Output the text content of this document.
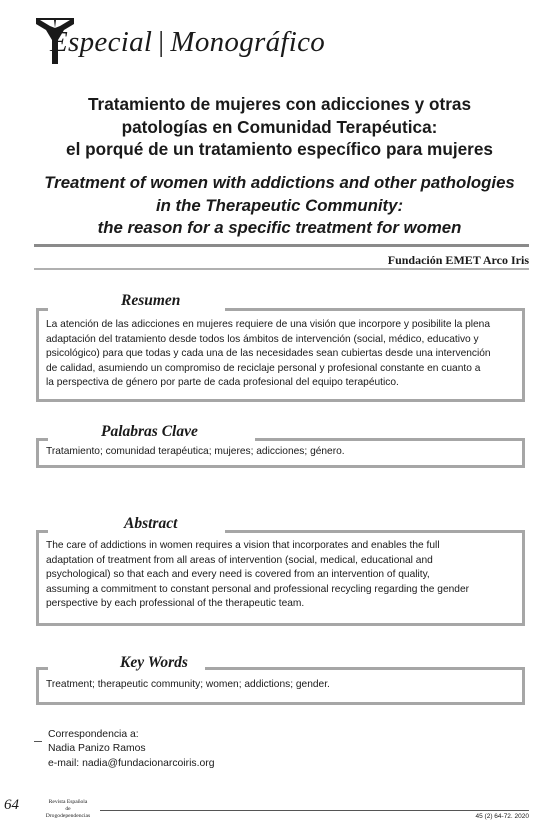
Especial | Monográfico
Tratamiento de mujeres con adicciones y otras
patologías en Comunidad Terapéutica:
el porqué de un tratamiento específico para mujeres
Treatment of women with addictions and other pathologies
in the Therapeutic Community:
the reason for a specific treatment for women
Fundación EMET Arco Iris
Resumen
La atención de las adicciones en mujeres requiere de una visión que incorpore y posibilite la plena
adaptación del tratamiento desde todos los ámbitos de intervención (social, médico, educativo y
psicológico) para que todas y cada una de las necesidades sean cubiertas desde una intervención
de calidad, asumiendo un compromiso de reciclaje personal y profesional constante en cuanto a
la perspectiva de género por parte de cada profesional del equipo terapéutico.
Palabras Clave
Tratamiento; comunidad terapéutica; mujeres; adicciones; género.
Abstract
The care of addictions in women requires a vision that incorporates and enables the full
adaptation of treatment from all areas of intervention (social, medical, educational and
psychological) so that each and every need is covered from an intervention of quality,
assuming a commitment to constant personal and professional recycling regarding the gender
perspective by each professional of the therapeutic team.
Key Words
Treatment; therapeutic community; women; addictions; gender.
Correspondencia a:
Nadia Panizo Ramos
e-mail: nadia@fundacionarcoiris.org
64	Revista Española
de
Drogodependencias	45 (2) 64-72. 2020
